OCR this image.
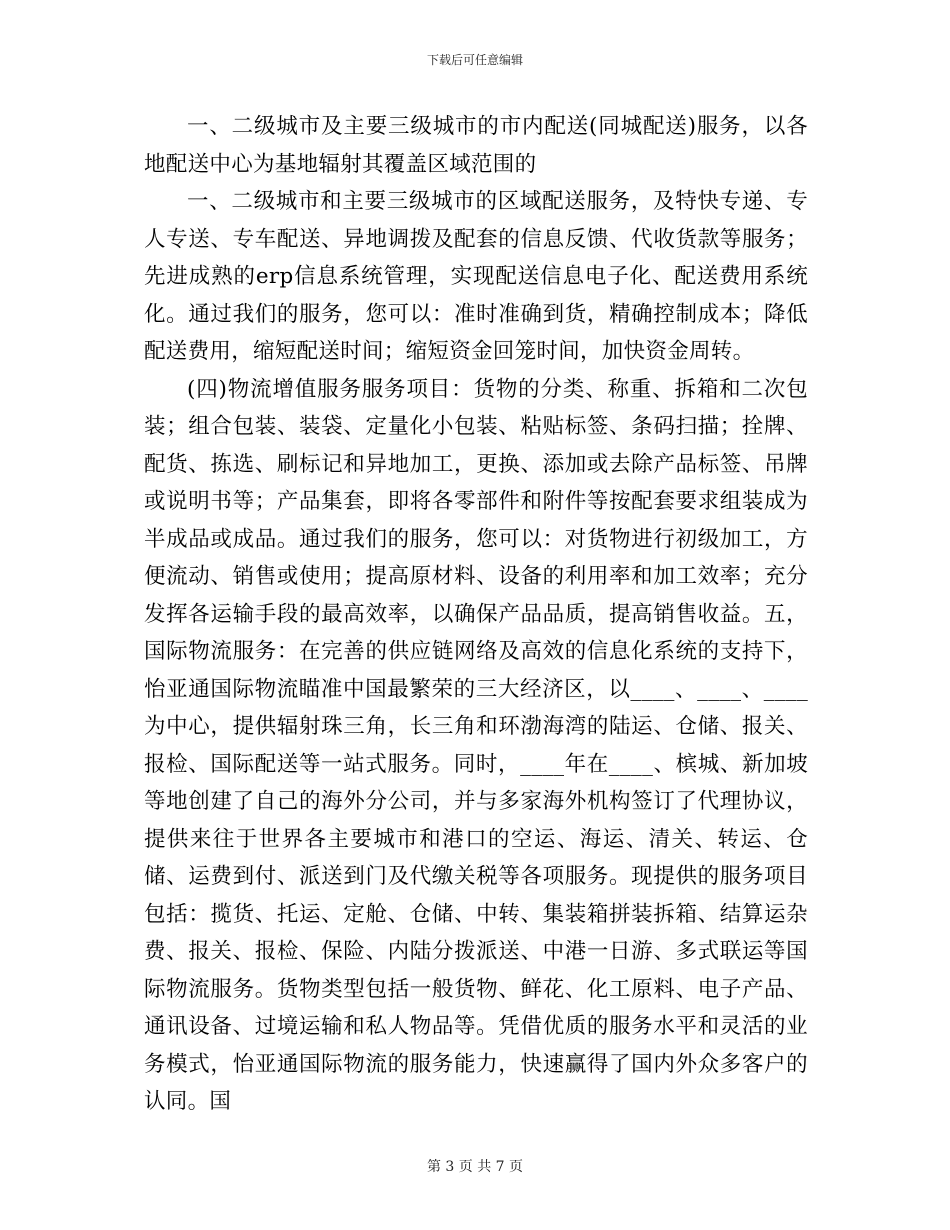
下载后可任意编辑

一、二级城市及主要三级城市的市内配送(同城配送)服务，以各地配送中心为基地辐射其覆盖区域范围的

一、二级城市和主要三级城市的区域配送服务，及特快专递、专人专送、专车配送、异地调拨及配套的信息反馈、代收货款等服务；先进成熟的erp信息系统管理，实现配送信息电子化、配送费用系统化。通过我们的服务，您可以：准时准确到货，精确控制成本；降低配送费用，缩短配送时间；缩短资金回笼时间，加快资金周转。

(四)物流增值服务服务项目：货物的分类、称重、拆箱和二次包装；组合包装、装袋、定量化小包装、粘贴标签、条码扫描；拴牌、配货、拣选、刷标记和异地加工，更换、添加或去除产品标签、吊牌或说明书等；产品集套，即将各零部件和附件等按配套要求组装成为半成品或成品。通过我们的服务，您可以：对货物进行初级加工，方便流动、销售或使用；提高原材料、设备的利用率和加工效率；充分发挥各运输手段的最高效率，以确保产品品质，提高销售收益。五，国际物流服务：在完善的供应链网络及高效的信息化系统的支持下，怡亚通国际物流瞄准中国最繁荣的三大经济区，以____、____、____为中心，提供辐射珠三角，长三角和环渤海湾的陆运、仓储、报关、报检、国际配送等一站式服务。同时，____年在____、槟城、新加坡等地创建了自己的海外分公司，并与多家海外机构签订了代理协议，提供来往于世界各主要城市和港口的空运、海运、清关、转运、仓储、运费到付、派送到门及代缴关税等各项服务。现提供的服务项目包括：揽货、托运、定舱、仓储、中转、集装箱拼装拆箱、结算运杂费、报关、报检、保险、内陆分拨派送、中港一日游、多式联运等国际物流服务。货物类型包括一般货物、鲜花、化工原料、电子产品、通讯设备、过境运输和私人物品等。凭借优质的服务水平和灵活的业务模式，怡亚通国际物流的服务能力，快速赢得了国内外众多客户的认同。国

第 3 页 共 7 页
